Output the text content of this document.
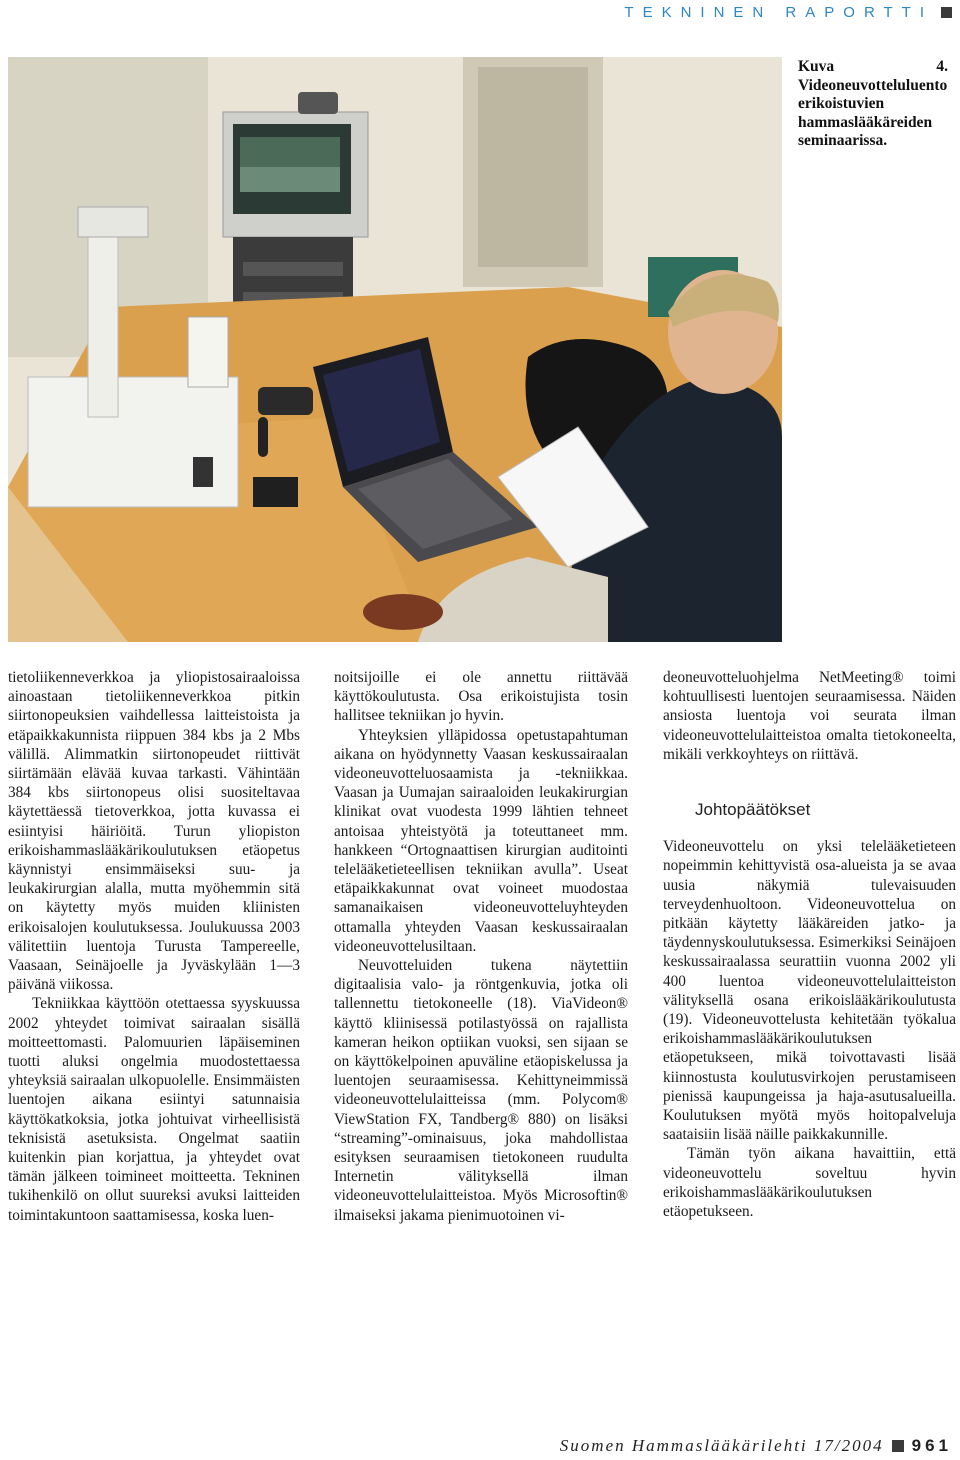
TEKNINEN RAPORTTI
Kuva 4. Videoneuvotteluluento erikoistuvien hammaslääkäreiden seminaarissa.

tietoliikenneverkkoa ja yliopistosairaaloissa ainoastaan tietoliikenneverkkoa pitkin siirtonopeuksien vaihdellessa laitteistoista ja etäpaikkakunnista riippuen 384 kbs ja 2 Mbs välillä. Alimmatkin siirtonopeudet riittivät siirtämään elävää kuvaa tarkasti. Vähintään 384 kbs siirtonopeus olisi suositeltavaa käytettäessä tietoverkkoa, jotta kuvassa ei esiintyisi häiriöitä. Turun yliopiston erikoishammaslääkärikoulutuksen etäopetus käynnistyi ensimmäiseksi suu- ja leukakirurgian alalla, mutta myöhemmin sitä on käytetty myös muiden kliinisten erikoisalojen koulutuksessa. Joulukuussa 2003 välitettiin luentoja Turusta Tampereelle, Vaasaan, Seinäjoelle ja Jyväskylään 1—3 päivänä viikossa.

Tekniikkaa käyttöön otettaessa syyskuussa 2002 yhteydet toimivat sairaalan sisällä moitteettomasti. Palomuurien läpäiseminen tuotti aluksi ongelmia muodostettaessa yhteyksiä sairaalan ulkopuolelle. Ensimmäisten luentojen aikana esiintyi satunnaisia käyttökatkoksia, jotka johtuivat virheellisistä teknisistä asetuksista. Ongelmat saatiin kuitenkin pian korjattua, ja yhteydet ovat tämän jälkeen toimineet moitteetta. Tekninen tukihenkilö on ollut suureksi avuksi laitteiden toimintakuntoon saattamisessa, koska luen-

noitsijoille ei ole annettu riittävää käyttökoulutusta. Osa erikoistujista tosin hallitsee tekniikan jo hyvin.

Yhteyksien ylläpidossa opetustapahtuman aikana on hyödynnetty Vaasan keskussairaalan videoneuvotteluosaamista ja -tekniikkaa. Vaasan ja Uumajan sairaaloiden leukakirurgian klinikat ovat vuodesta 1999 lähtien tehneet antoisaa yhteistyötä ja toteuttaneet mm. hankkeen “Ortognaattisen kirurgian auditointi telelääketieteellisen tekniikan avulla”. Useat etäpaikkakunnat ovat voineet muodostaa samanaikaisen videoneuvotteluyhteyden ottamalla yhteyden Vaasan keskussairaalan videoneuvottelusiltaan.

Neuvotteluiden tukena näytettiin digitaalisia valo- ja röntgenkuvia, jotka oli tallennettu tietokoneelle (18). ViaVideon® käyttö kliinisessä potilastyössä on rajallista kameran heikon optiikan vuoksi, sen sijaan se on käyttökelpoinen apuväline etäopiskelussa ja luentojen seuraamisessa. Kehittyneimmissä videoneuvottelulaitteissa (mm. Polycom® ViewStation FX, Tandberg® 880) on lisäksi “streaming”-ominaisuus, joka mahdollistaa esityksen seuraamisen tietokoneen ruudulta Internetin välityksellä ilman videoneuvottelulaitteistoa. Myös Microsoftin® ilmaiseksi jakama pienimuotoinen vi-

deoneuvotteluohjelma NetMeeting® toimi kohtuullisesti luentojen seuraamisessa. Näiden ansiosta luentoja voi seurata ilman videoneuvottelulaitteistoa omalta tietokoneelta, mikäli verkkoyhteys on riittävä.

Johtopäätökset

Videoneuvottelu on yksi telelääketieteen nopeimmin kehittyvistä osa-alueista ja se avaa uusia näkymiä tulevaisuuden terveydenhuoltoon. Videoneuvottelua on pitkään käytetty lääkäreiden jatko- ja täydennyskoulutuksessa. Esimerkiksi Seinäjoen keskussairaalassa seurattiin vuonna 2002 yli 400 luentoa videoneuvottelulaitteiston välityksellä osana erikoislääkärikoulutusta (19). Videoneuvottelusta kehitetään työkalua erikoishammaslääkärikoulutuksen etäopetukseen, mikä toivottavasti lisää kiinnostusta koulutusvirkojen perustamiseen pienissä kaupungeissa ja haja-asutusalueilla. Koulutuksen myötä myös hoitopalveluja saataisiin lisää näille paikkakunnille.

Tämän työn aikana havaittiin, että videoneuvottelu soveltuu hyvin erikoishammaslääkärikoulutuksen etäopetukseen.

Suomen Hammaslääkärilehti 17/2004 961
